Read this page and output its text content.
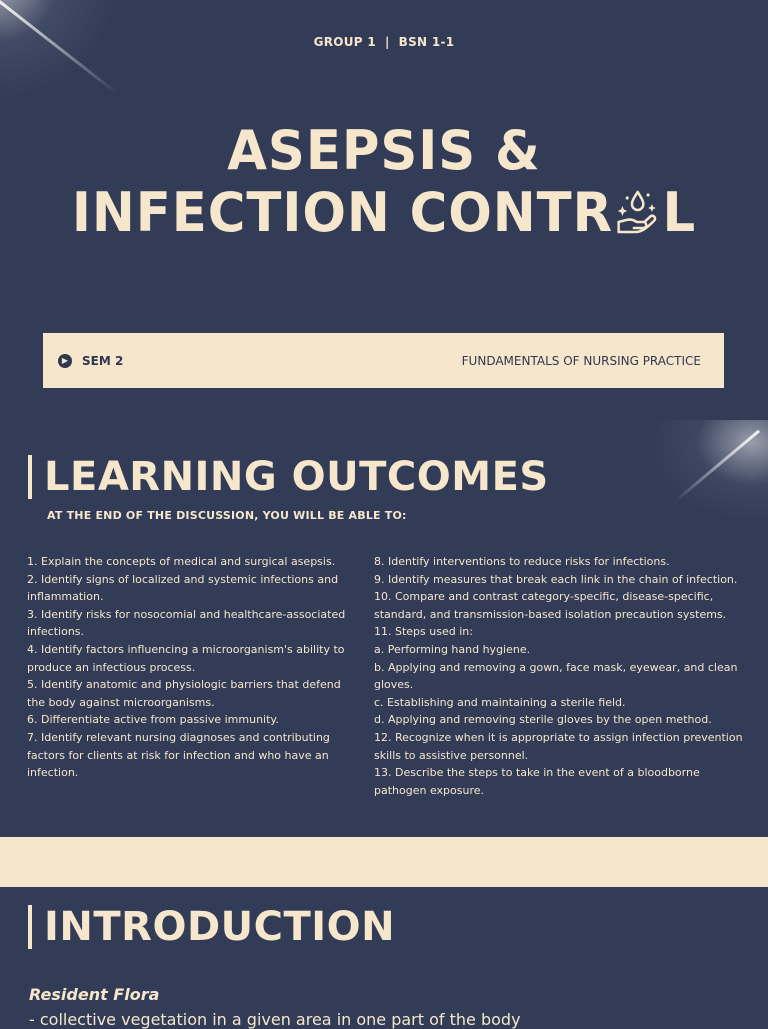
GROUP 1  |  BSN 1-1
ASEPSIS &
INFECTION CONTR L
▶	SEM 2	FUNDAMENTALS OF NURSING PRACTICE
LEARNING OUTCOMES
AT THE END OF THE DISCUSSION, YOU WILL BE ABLE TO:

1. Explain the concepts of medical and surgical asepsis.

2. Identify signs of localized and systemic infections and inflammation.

3. Identify risks for nosocomial and healthcare-associated infections.

4. Identify factors influencing a microorganism's ability to produce an infectious process.

5. Identify anatomic and physiologic barriers that defend the body against microorganisms.

6. Differentiate active from passive immunity.

7. Identify relevant nursing diagnoses and contributing factors for clients at risk for infection and who have an infection.

8. Identify interventions to reduce risks for infections.

9. Identify measures that break each link in the chain of infection.

10. Compare and contrast category-specific, disease-specific, standard, and transmission-based isolation precaution systems.

11. Steps used in:

a. Performing hand hygiene.

b. Applying and removing a gown, face mask, eyewear, and clean gloves.

c. Establishing and maintaining a sterile field.

d. Applying and removing sterile gloves by the open method.

12. Recognize when it is appropriate to assign infection prevention skills to assistive personnel.

13. Describe the steps to take in the event of a bloodborne pathogen exposure.

INTRODUCTION
Resident Flora
- collective vegetation in a given area in one part of the body
